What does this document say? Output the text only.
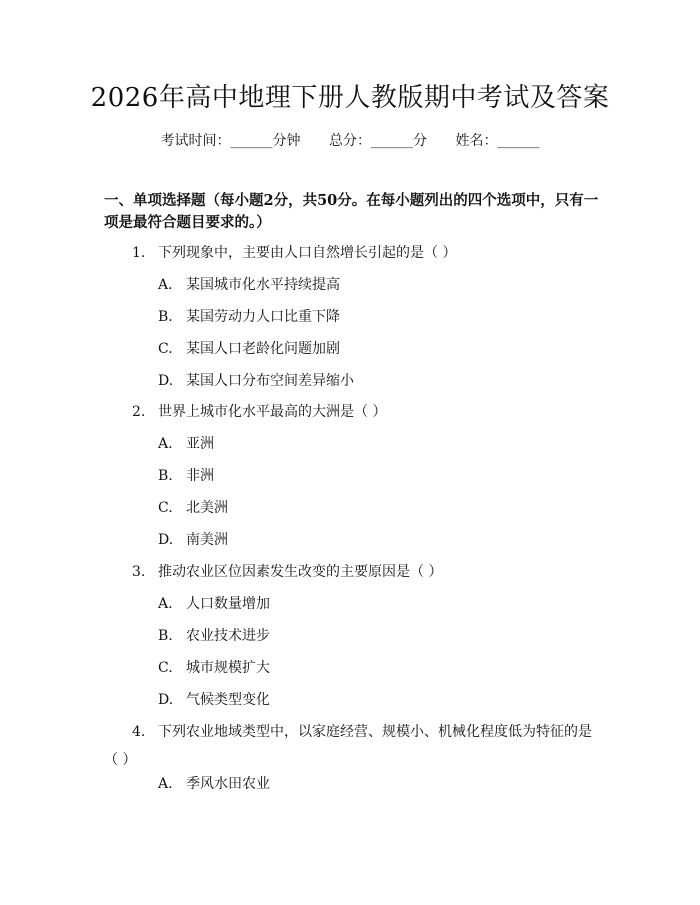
2026年高中地理下册人教版期中考试及答案
考试时间：______分钟 总分：______分 姓名：______
一、单项选择题（每小题2分，共50分。在每小题列出的四个选项中，只有一项是最符合题目要求的。）
1. 下列现象中，主要由人口自然增长引起的是（ ）
A. 某国城市化水平持续提高
B. 某国劳动力人口比重下降
C. 某国人口老龄化问题加剧
D. 某国人口分布空间差异缩小
2. 世界上城市化水平最高的大洲是（ ）
A. 亚洲
B. 非洲
C. 北美洲
D. 南美洲
3. 推动农业区位因素发生改变的主要原因是（ ）
A. 人口数量增加
B. 农业技术进步
C. 城市规模扩大
D. 气候类型变化
4. 下列农业地域类型中，以家庭经营、规模小、机械化程度低为特征的是（ ）
A. 季风水田农业
